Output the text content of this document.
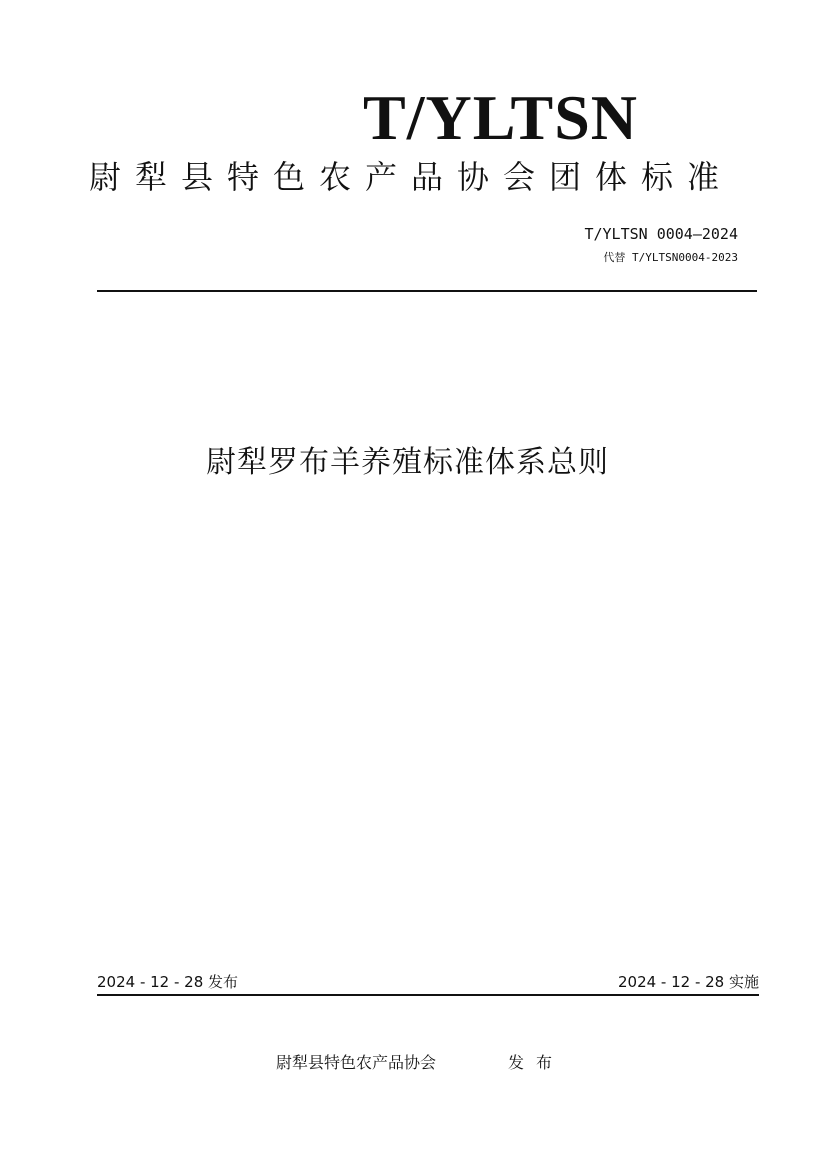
T/YLTSN
尉犁县特色农产品协会团体标准
T/YLTSN 0004—2024
代替 T/YLTSN0004-2023
尉犁罗布羊养殖标准体系总则
2024 - 12 - 28 发布	2024 - 12 - 28 实施
尉犁县特色农产品协会	发布
